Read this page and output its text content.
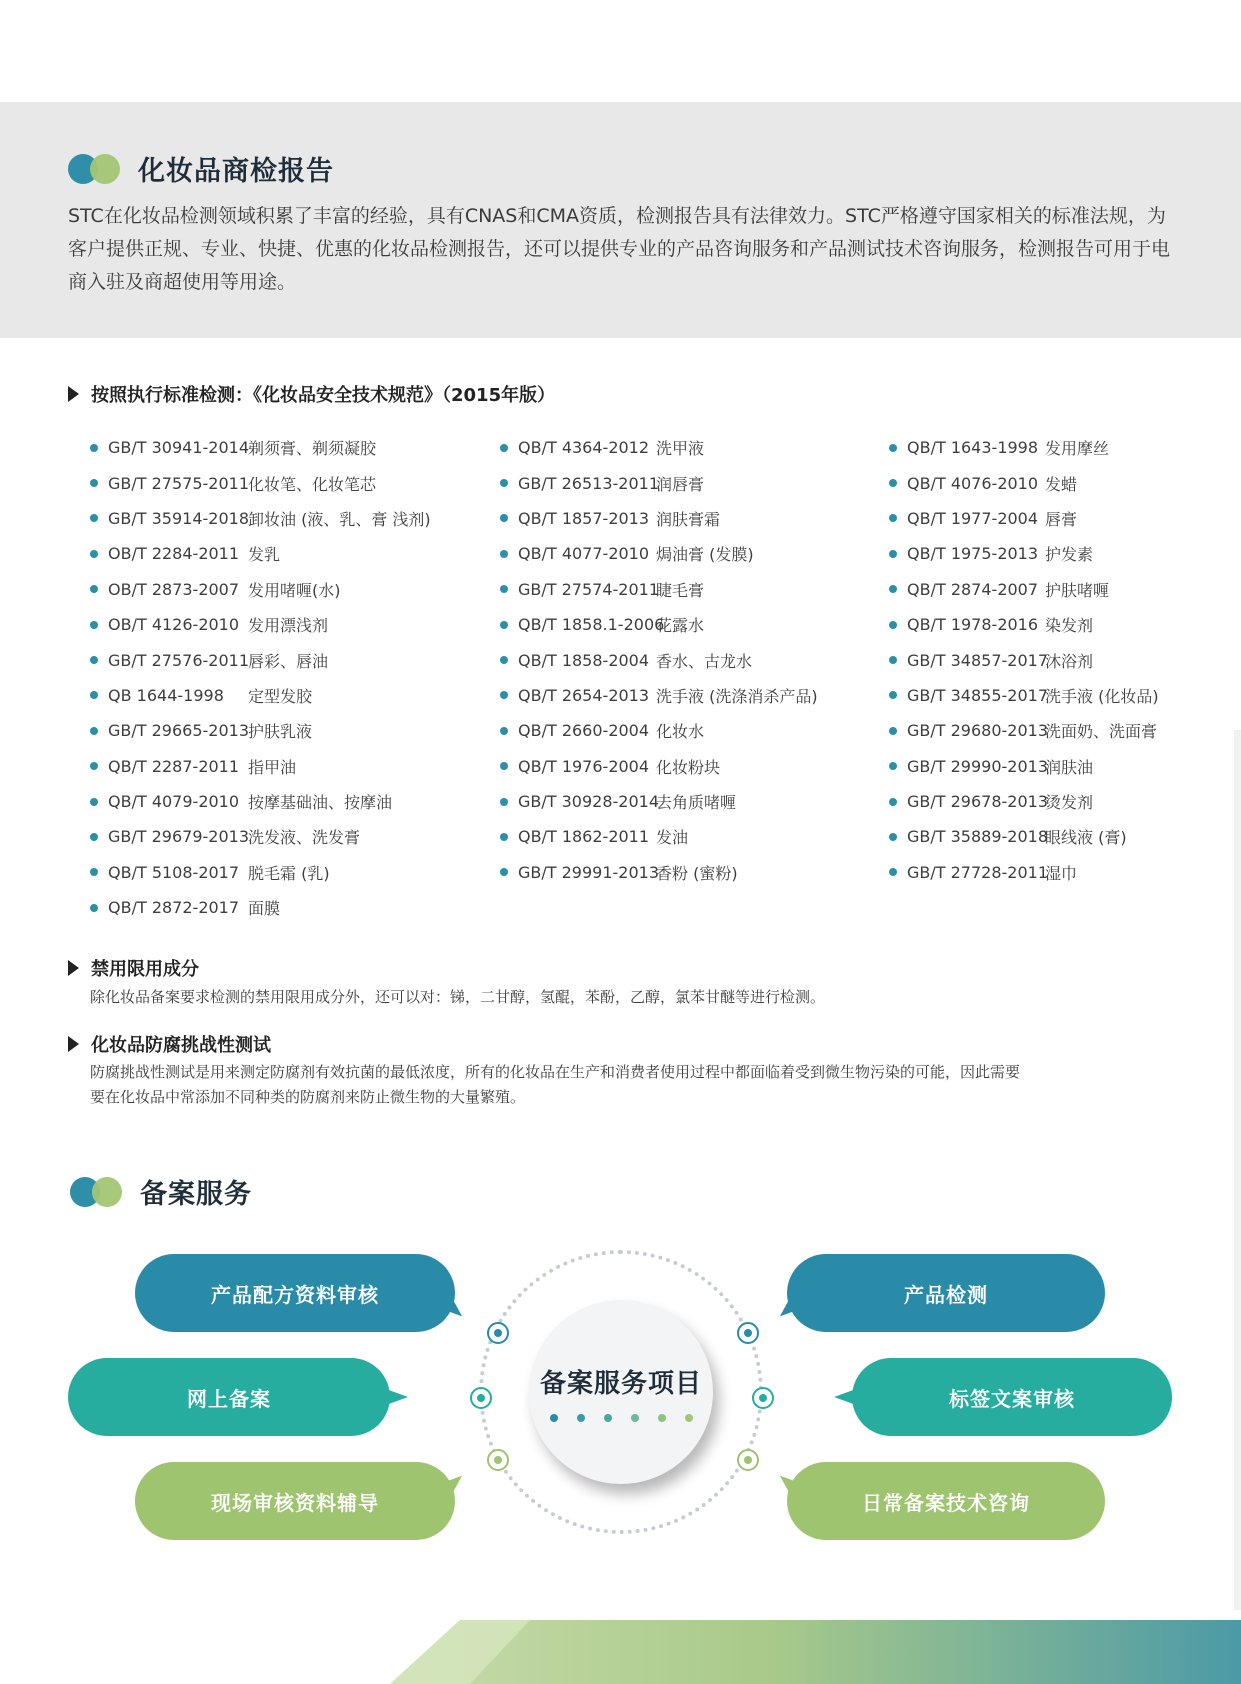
化妆品商检报告
STC在化妆品检测领域积累了丰富的经验，具有CNAS和CMA资质，检测报告具有法律效力。STC严格遵守国家相关的标准法规，为客户提供正规、专业、快捷、优惠的化妆品检测报告，还可以提供专业的产品咨询服务和产品测试技术咨询服务，检测报告可用于电商入驻及商超使用等用途。
按照执行标准检测：《化妆品安全技术规范》（2015年版）
GB/T 30941-2014
剃须膏、剃须凝胶
GB/T 27575-2011
化妆笔、化妆笔芯
GB/T 35914-2018
卸妆油 (液、乳、膏 浅剂)
OB/T 2284-2011 发乳
OB/T 2873-2007 发用啫喱(水)
OB/T 4126-2010 发用漂浅剂
GB/T 27576-2011
唇彩、唇油
QB 1644-1998	定型发胶
GB/T 29665-2013
护肤乳液
QB/T 2287-2011 指甲油
QB/T 4079-2010 按摩基础油、按摩油
GB/T 29679-2013
洗发液、洗发膏
QB/T 5108-2017 脱毛霜 (乳)
QB/T 2872-2017 面膜
QB/T 4364-2012 洗甲液
GB/T 26513-2011
润唇膏
QB/T 1857-2013 润肤膏霜
QB/T 4077-2010 焗油膏 (发膜)
GB/T 27574-2011
睫毛膏
QB/T 1858.1-2006
花露水
QB/T 1858-2004 香水、古龙水
QB/T 2654-2013 洗手液 (洗涤消杀产品)
QB/T 2660-2004 化妆水
QB/T 1976-2004 化妆粉块
GB/T 30928-2014
去角质啫喱
QB/T 1862-2011 发油
GB/T 29991-2013
香粉 (蜜粉)
QB/T 1643-1998 发用摩丝
QB/T 4076-2010 发蜡
QB/T 1977-2004 唇膏
QB/T 1975-2013 护发素
QB/T 2874-2007 护肤啫喱
QB/T 1978-2016 染发剂
GB/T 34857-2017
沐浴剂
GB/T 34855-2017
洗手液 (化妆品)
GB/T 29680-2013
洗面奶、洗面膏
GB/T 29990-2013
润肤油
GB/T 29678-2013
烫发剂
GB/T 35889-2018
眼线液 (膏)
GB/T 27728-2011
湿巾
禁用限用成分
除化妆品备案要求检测的禁用限用成分外，还可以对：锑，二甘醇，氢醌，苯酚，乙醇，氯苯甘醚等进行检测。
化妆品防腐挑战性测试
防腐挑战性测试是用来测定防腐剂有效抗菌的最低浓度，所有的化妆品在生产和消费者使用过程中都面临着受到微生物污染的可能，因此需要
要在化妆品中常添加不同种类的防腐剂来防止微生物的大量繁殖。
备案服务
产品配方资料审核
网上备案
现场审核资料辅导
产品检测
标签文案审核
日常备案技术咨询
备案服务项目
